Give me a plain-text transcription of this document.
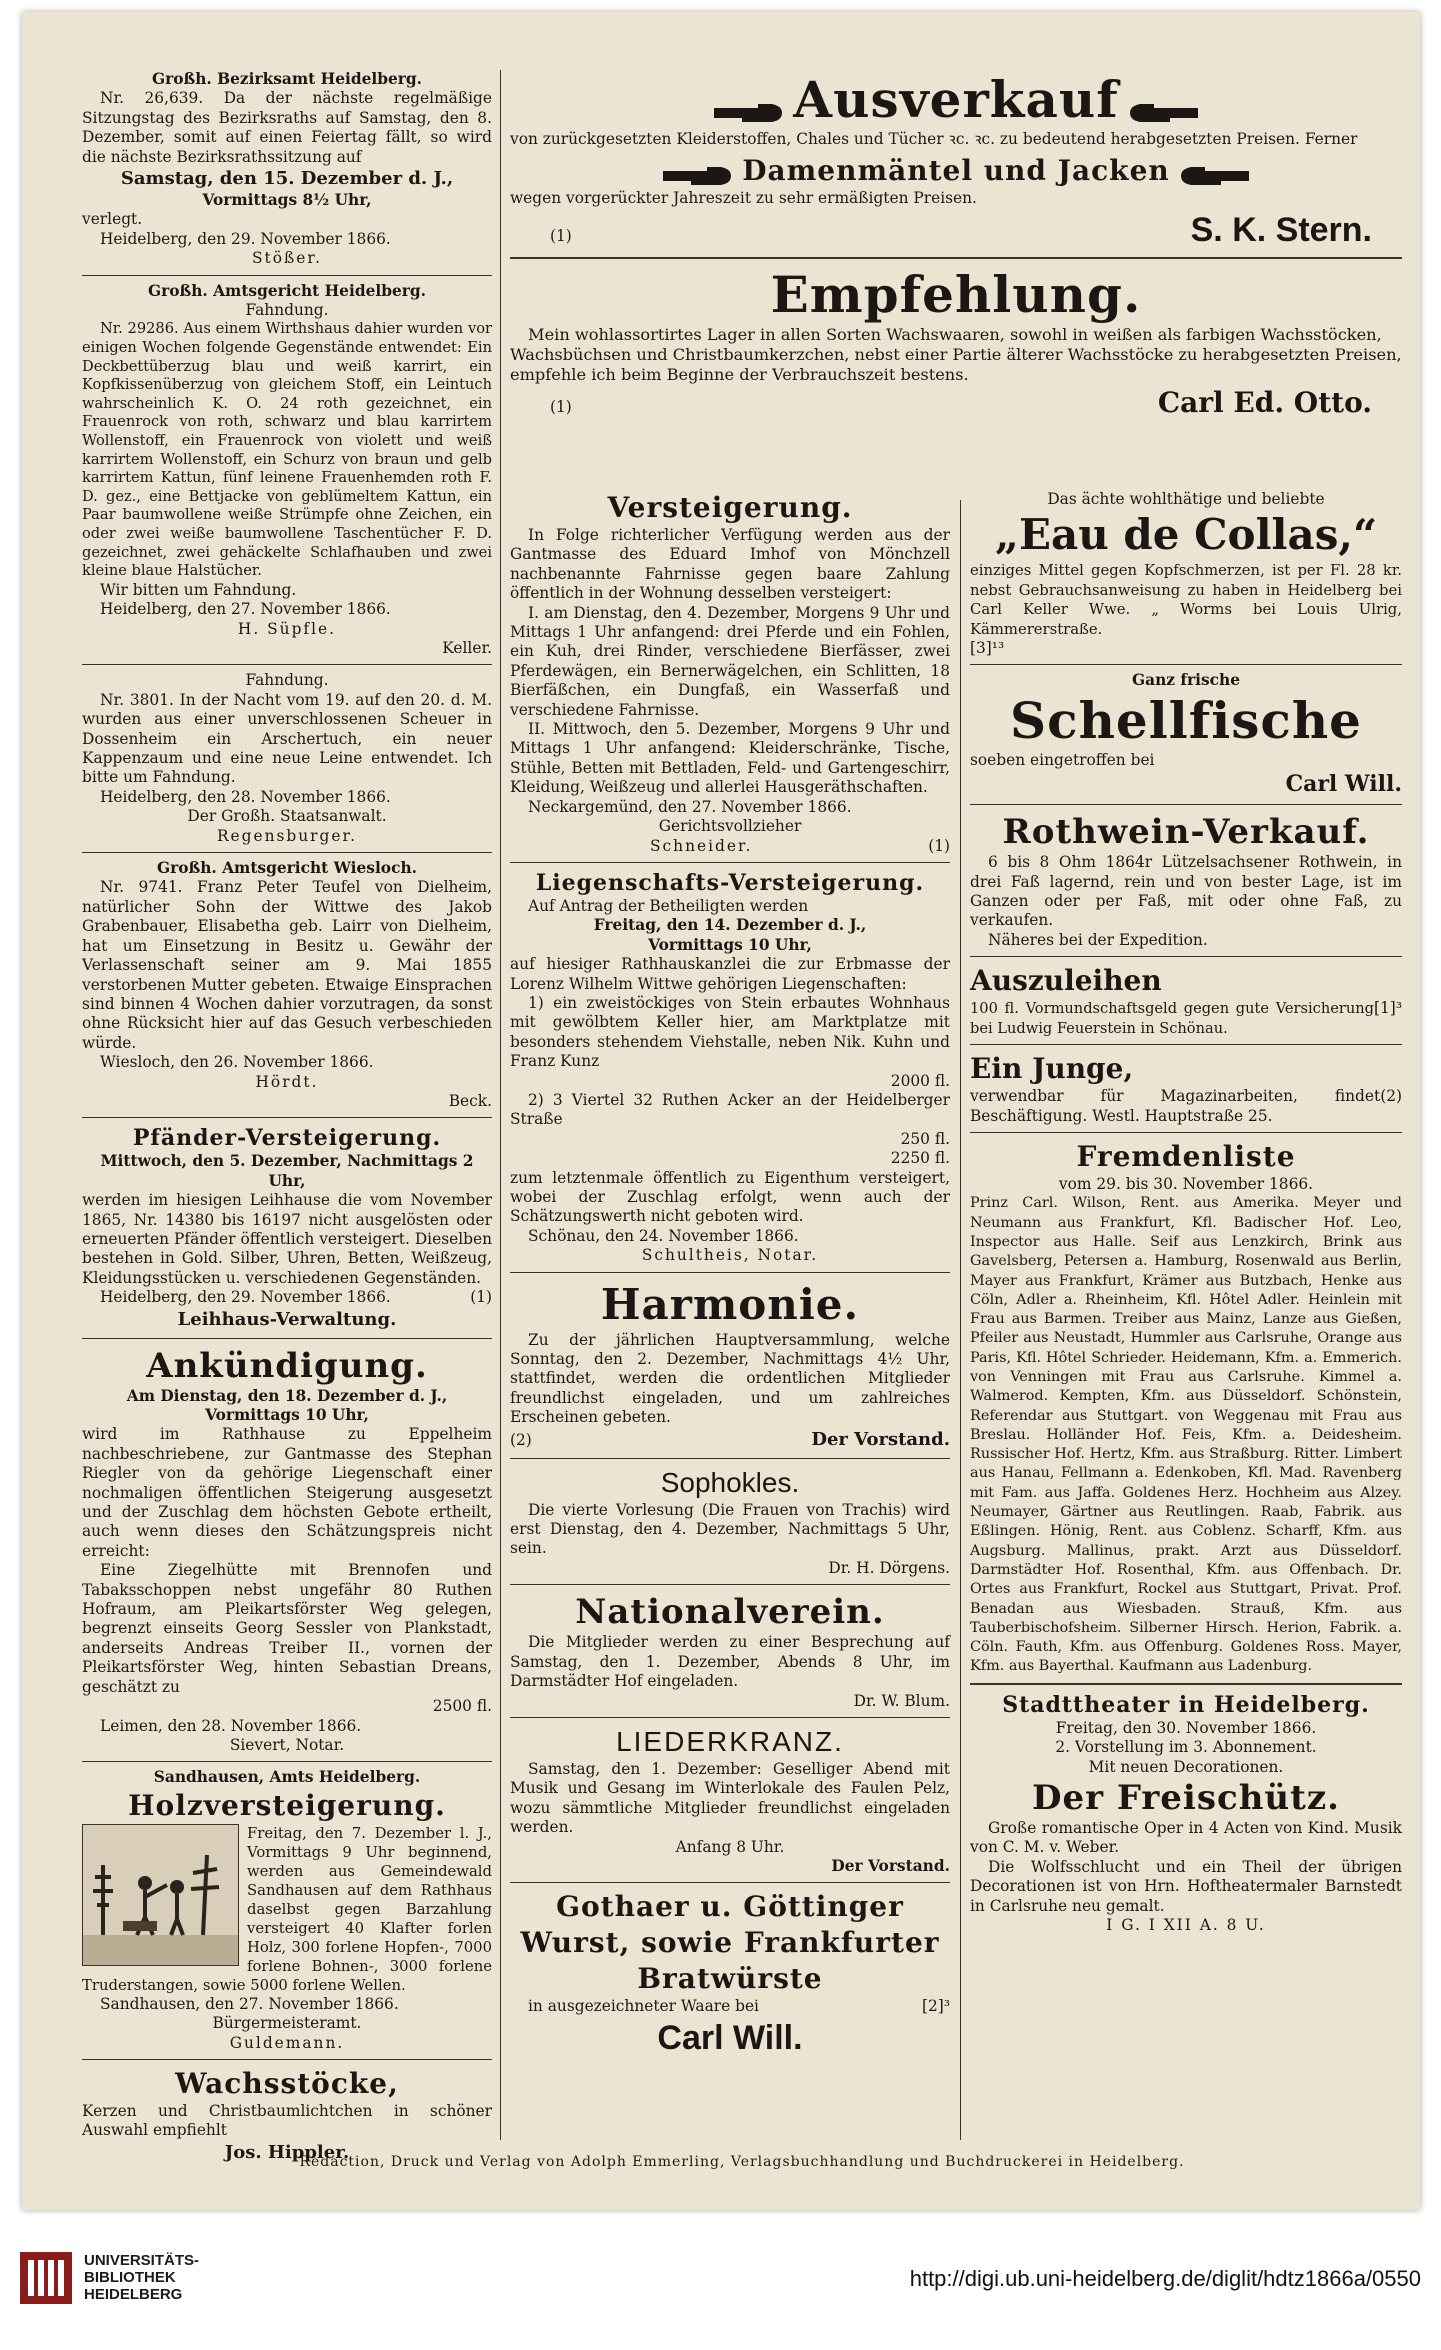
Großh. Bezirksamt Heidelberg.

Nr. 26,639. Da der nächste regelmäßige Sitzungstag des Bezirksraths auf Samstag, den 8. Dezember, somit auf einen Feiertag fällt, so wird die nächste Bezirksrathssitzung auf

Samstag, den 15. Dezember d. J.,

Vormittags 8½ Uhr,

verlegt.

Heidelberg, den 29. November 1866.

Stößer.

Großh. Amtsgericht Heidelberg.

Fahndung.

Nr. 29286. Aus einem Wirthshaus dahier wurden vor einigen Wochen folgende Gegenstände entwendet: Ein Deckbettüberzug blau und weiß karrirt, ein Kopfkissenüberzug von gleichem Stoff, ein Leintuch wahrscheinlich K. O. 24 roth gezeichnet, ein Frauenrock von roth, schwarz und blau karrirtem Wollenstoff, ein Frauenrock von violett und weiß karrirtem Wollenstoff, ein Schurz von braun und gelb karrirtem Kattun, fünf leinene Frauenhemden roth F. D. gez., eine Bettjacke von geblümeltem Kattun, ein Paar baumwollene weiße Strümpfe ohne Zeichen, ein oder zwei weiße baumwollene Taschentücher F. D. gezeichnet, zwei gehäckelte Schlafhauben und zwei kleine blaue Halstücher.

Wir bitten um Fahndung.

Heidelberg, den 27. November 1866.

H. Süpfle.

Keller.

Fahndung.

Nr. 3801. In der Nacht vom 19. auf den 20. d. M. wurden aus einer unverschlossenen Scheuer in Dossenheim ein Arschertuch, ein neuer Kappenzaum und eine neue Leine entwendet. Ich bitte um Fahndung.

Heidelberg, den 28. November 1866.

Der Großh. Staatsanwalt.

Regensburger.

Großh. Amtsgericht Wiesloch.

Nr. 9741. Franz Peter Teufel von Dielheim, natürlicher Sohn der Wittwe des Jakob Grabenbauer, Elisabetha geb. Lairr von Dielheim, hat um Einsetzung in Besitz u. Gewähr der Verlassenschaft seiner am 9. Mai 1855 verstorbenen Mutter gebeten. Etwaige Einsprachen sind binnen 4 Wochen dahier vorzutragen, da sonst ohne Rücksicht hier auf das Gesuch verbeschieden würde.

Wiesloch, den 26. November 1866.

Hördt.

Beck.

Pfänder-Versteigerung.

Mittwoch, den 5. Dezember, Nachmittags 2 Uhr,

werden im hiesigen Leihhause die vom November 1865, Nr. 14380 bis 16197 nicht ausgelösten oder erneuerten Pfänder öffentlich versteigert. Dieselben bestehen in Gold. Silber, Uhren, Betten, Weißzeug, Kleidungsstücken u. verschiedenen Gegenständen.

Heidelberg, den 29. November 1866.	(1)

Leihhaus-Verwaltung.

Ankündigung.

Am Dienstag, den 18. Dezember d. J.,

Vormittags 10 Uhr,

wird im Rathhause zu Eppelheim nachbeschriebene, zur Gantmasse des Stephan Riegler von da gehörige Liegenschaft einer nochmaligen öffentlichen Steigerung ausgesetzt und der Zuschlag dem höchsten Gebote ertheilt, auch wenn dieses den Schätzungspreis nicht erreicht:

Eine Ziegelhütte mit Brennofen und Tabaksschoppen nebst ungefähr 80 Ruthen Hofraum, am Pleikartsförster Weg gelegen, begrenzt einseits Georg Sessler von Plankstadt, anderseits Andreas Treiber II., vornen der Pleikartsförster Weg, hinten Sebastian Dreans, geschätzt zu

2500 fl.

Leimen, den 28. November 1866.

Sievert, Notar.

Sandhausen, Amts Heidelberg.

Holzversteigerung.

Freitag, den 7. Dezember l. J., Vormittags 9 Uhr beginnend, werden aus Gemeindewald Sandhausen auf dem Rathhaus daselbst gegen Barzahlung versteigert 40 Klafter forlen Holz, 300 forlene Hopfen-, 7000 forlene Bohnen-, 3000 forlene Truderstangen, sowie 5000 forlene Wellen.

Sandhausen, den 27. November 1866.

Bürgermeisteramt.

Guldemann.

Wachsstöcke,

Kerzen und Christbaumlichtchen in schöner Auswahl empfiehlt

Jos. Hippler.

Ausverkauf

von zurückgesetzten Kleiderstoffen, Chales und Tücher ꝛc. ꝛc. zu bedeutend herabgesetzten Preisen. Ferner

Damenmäntel und Jacken

wegen vorgerückter Jahreszeit zu sehr ermäßigten Preisen.

(1)	S. K. Stern.

Empfehlung.

Mein wohlassortirtes Lager in allen Sorten Wachswaaren, sowohl in weißen als farbigen Wachsstöcken, Wachsbüchsen und Christbaumkerzchen, nebst einer Partie älterer Wachsstöcke zu herabgesetzten Preisen, empfehle ich beim Beginne der Verbrauchszeit bestens.

(1)	Carl Ed. Otto.

Versteigerung.

In Folge richterlicher Verfügung werden aus der Gantmasse des Eduard Imhof von Mönchzell nachbenannte Fahrnisse gegen baare Zahlung öffentlich in der Wohnung desselben versteigert:

I. am Dienstag, den 4. Dezember, Morgens 9 Uhr und Mittags 1 Uhr anfangend: drei Pferde und ein Fohlen, ein Kuh, drei Rinder, verschiedene Bierfässer, zwei Pferdewägen, ein Bernerwägelchen, ein Schlitten, 18 Bierfäßchen, ein Dungfaß, ein Wasserfaß und verschiedene Fahrnisse.

II. Mittwoch, den 5. Dezember, Morgens 9 Uhr und Mittags 1 Uhr anfangend: Kleiderschränke, Tische, Stühle, Betten mit Bettladen, Feld- und Gartengeschirr, Kleidung, Weißzeug und allerlei Hausgeräthschaften.

Neckargemünd, den 27. November 1866.

Gerichtsvollzieher

Schneider.	(1)

Liegenschafts-Versteigerung.

Auf Antrag der Betheiligten werden

Freitag, den 14. Dezember d. J.,

Vormittags 10 Uhr,

auf hiesiger Rathhauskanzlei die zur Erbmasse der Lorenz Wilhelm Wittwe gehörigen Liegenschaften:

1) ein zweistöckiges von Stein erbautes Wohnhaus mit gewölbtem Keller hier, am Marktplatze mit besonders stehendem Viehstalle, neben Nik. Kuhn und Franz Kunz

2000 fl.

2) 3 Viertel 32 Ruthen Acker an der Heidelberger Straße

250 fl.

2250 fl.

zum letztenmale öffentlich zu Eigenthum versteigert, wobei der Zuschlag erfolgt, wenn auch der Schätzungswerth nicht geboten wird.

Schönau, den 24. November 1866.

Schultheis, Notar.

Harmonie.

Zu der jährlichen Hauptversammlung, welche Sonntag, den 2. Dezember, Nachmittags 4½ Uhr, stattfindet, werden die ordentlichen Mitglieder freundlichst eingeladen, und um zahlreiches Erscheinen gebeten.

(2)	Der Vorstand.

Sophokles.

Die vierte Vorlesung (Die Frauen von Trachis) wird erst Dienstag, den 4. Dezember, Nachmittags 5 Uhr, sein.

Dr. H. Dörgens.

Nationalverein.

Die Mitglieder werden zu einer Besprechung auf Samstag, den 1. Dezember, Abends 8 Uhr, im Darmstädter Hof eingeladen.

Dr. W. Blum.

LIEDERKRANZ.

Samstag, den 1. Dezember: Geselliger Abend mit Musik und Gesang im Winterlokale des Faulen Pelz, wozu sämmtliche Mitglieder freundlichst eingeladen werden.

Anfang 8 Uhr.

Der Vorstand.

Gothaer u. Göttinger Wurst, sowie Frankfurter Bratwürste

in ausgezeichneter Waare bei	[2]³

Carl Will.

Das ächte wohlthätige und beliebte

„Eau de Collas,“

einziges Mittel gegen Kopfschmerzen, ist per Fl. 28 kr. nebst Gebrauchsanweisung zu haben in Heidelberg bei Carl Keller Wwe. „ Worms bei Louis Ulrig, Kämmererstraße.

[3]¹³

Ganz frische

Schellfische

soeben eingetroffen bei

Carl Will.

Rothwein-Verkauf.

6 bis 8 Ohm 1864r Lützelsachsener Rothwein, in drei Faß lagernd, rein und von bester Lage, ist im Ganzen oder per Faß, mit oder ohne Faß, zu verkaufen.

Näheres bei der Expedition.

Auszuleihen

100 fl. Vormundschaftsgeld gegen gute Versicherung bei Ludwig Feuerstein in Schönau.
[1]³

Ein Junge,

verwendbar für Magazinarbeiten, findet Beschäftigung. Westl. Hauptstraße 25.
(2)

Fremdenliste

vom 29. bis 30. November 1866.

Prinz Carl. Wilson, Rent. aus Amerika. Meyer und Neumann aus Frankfurt, Kfl. Badischer Hof. Leo, Inspector aus Halle. Seif aus Lenzkirch, Brink aus Gavelsberg, Petersen a. Hamburg, Rosenwald aus Berlin, Mayer aus Frankfurt, Krämer aus Butzbach, Henke aus Cöln, Adler a. Rheinheim, Kfl. Hôtel Adler. Heinlein mit Frau aus Barmen. Treiber aus Mainz, Lanze aus Gießen, Pfeiler aus Neustadt, Hummler aus Carlsruhe, Orange aus Paris, Kfl. Hôtel Schrieder. Heidemann, Kfm. a. Emmerich. von Venningen mit Frau aus Carlsruhe. Kimmel a. Walmerod. Kempten, Kfm. aus Düsseldorf. Schönstein, Referendar aus Stuttgart. von Weggenau mit Frau aus Breslau. Holländer Hof. Feis, Kfm. a. Deidesheim. Russischer Hof. Hertz, Kfm. aus Straßburg. Ritter. Limbert aus Hanau, Fellmann a. Edenkoben, Kfl. Mad. Ravenberg mit Fam. aus Jaffa. Goldenes Herz. Hochheim aus Alzey. Neumayer, Gärtner aus Reutlingen. Raab, Fabrik. aus Eßlingen. Hönig, Rent. aus Coblenz. Scharff, Kfm. aus Augsburg. Mallinus, prakt. Arzt aus Düsseldorf. Darmstädter Hof. Rosenthal, Kfm. aus Offenbach. Dr. Ortes aus Frankfurt, Rockel aus Stuttgart, Privat. Prof. Benadan aus Wiesbaden. Strauß, Kfm. aus Tauberbischofsheim. Silberner Hirsch. Herion, Fabrik. a. Cöln. Fauth, Kfm. aus Offenburg. Goldenes Ross. Mayer, Kfm. aus Bayerthal. Kaufmann aus Ladenburg.

Stadttheater in Heidelberg.

Freitag, den 30. November 1866.

2. Vorstellung im 3. Abonnement.

Mit neuen Decorationen.

Der Freischütz.

Große romantische Oper in 4 Acten von Kind. Musik von C. M. v. Weber.

Die Wolfsschlucht und ein Theil der übrigen Decorationen ist von Hrn. Hoftheatermaler Barnstedt in Carlsruhe neu gemalt.

I G. I XII A. 8 U.

Redaction, Druck und Verlag von Adolph Emmerling, Verlagsbuchhandlung und Buchdruckerei in Heidelberg.
UNIVERSITÄTS-
BIBLIOTHEK
HEIDELBERG
http://digi.ub.uni-heidelberg.de/diglit/hdtz1866a/0550
